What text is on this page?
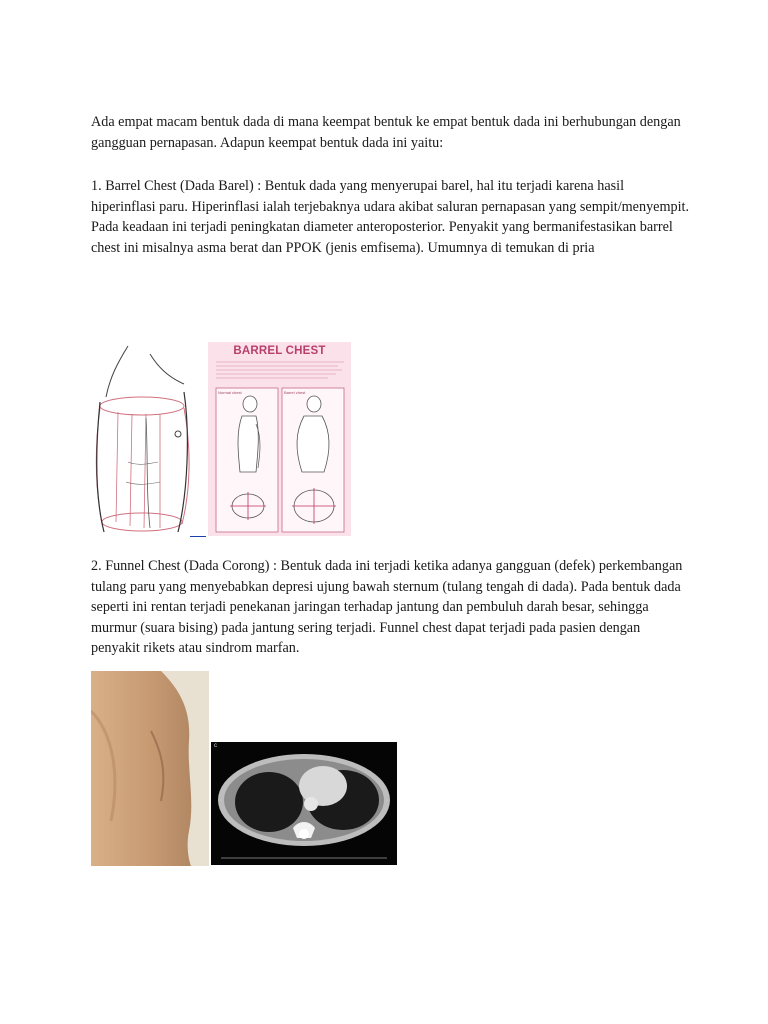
Ada empat macam bentuk dada di mana keempat bentuk ke empat bentuk dada ini berhubungan dengan gangguan pernapasan. Adapun keempat bentuk dada ini yaitu:

1. Barrel Chest (Dada Barel) : Bentuk dada yang menyerupai barel, hal itu terjadi karena hasil hiperinflasi paru. Hiperinflasi ialah terjebaknya udara akibat saluran pernapasan yang sempit/menyempit. Pada keadaan ini terjadi peningkatan diameter anteroposterior. Penyakit yang bermanifestasikan barrel chest ini misalnya asma berat dan PPOK (jenis emfisema). Umumnya di temukan di pria

BARREL CHEST
Normal chest	Barrel chest

2. Funnel Chest (Dada Corong) : Bentuk dada ini terjadi ketika adanya gangguan (defek) perkembangan tulang paru yang menyebabkan depresi ujung bawah sternum (tulang tengah di dada). Pada bentuk dada seperti ini rentan terjadi penekanan jaringan terhadap jantung dan pembuluh darah besar, sehingga murmur (suara bising) pada jantung sering terjadi. Funnel chest dapat terjadi pada pasien dengan penyakit rikets atau sindrom marfan.

c
